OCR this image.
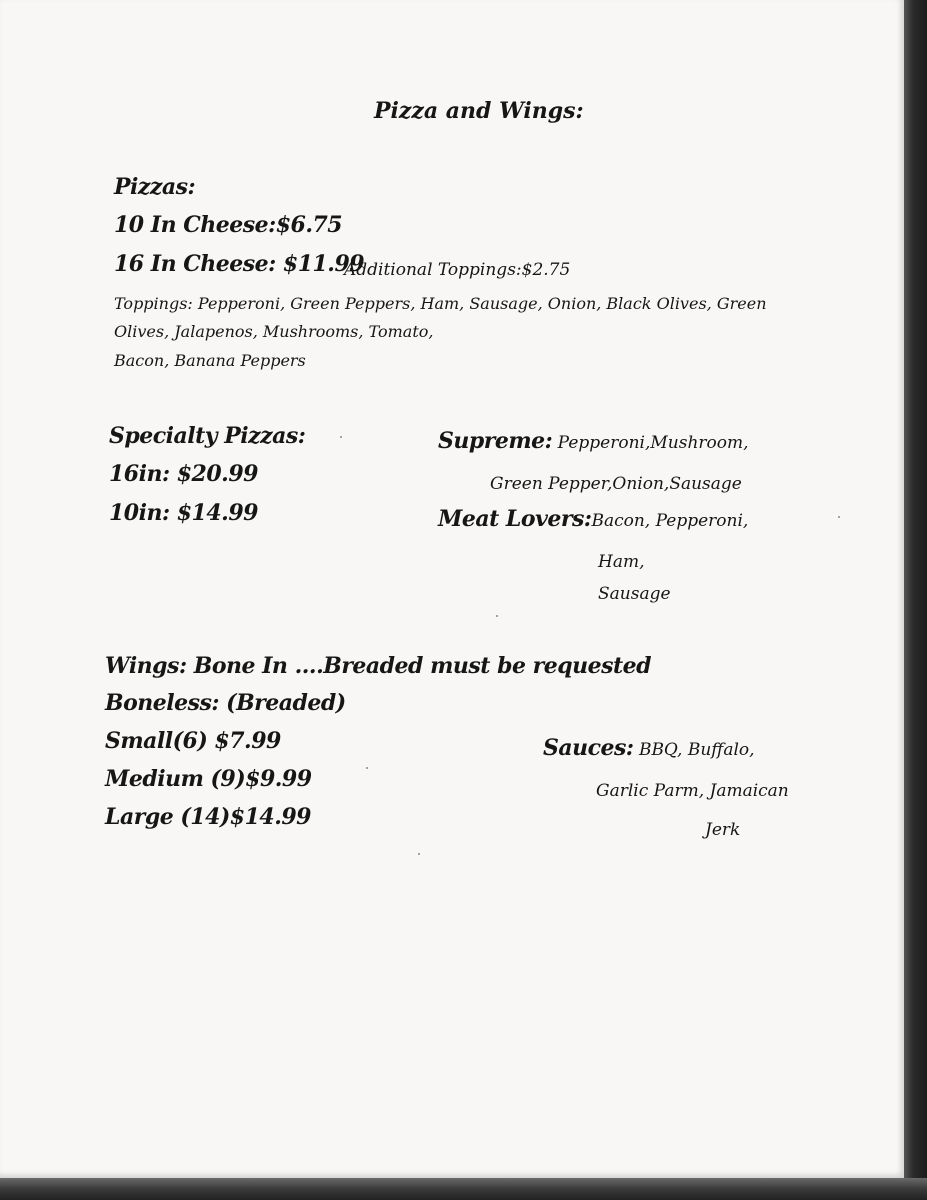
Pizza and Wings:
Pizzas:
10 In Cheese:$6.75
16 In Cheese: $11.99
Additional Toppings:$2.75
Toppings: Pepperoni, Green Peppers, Ham, Sausage, Onion, Black Olives, Green
Olives, Jalapenos, Mushrooms, Tomato,
Bacon, Banana Peppers
Specialty Pizzas:
16in: $20.99
10in: $14.99
Supreme: Pepperoni,Mushroom,
Green Pepper,Onion,Sausage
Meat Lovers:Bacon, Pepperoni,
Ham,
Sausage
Wings: Bone In ....Breaded must be requested
Boneless: (Breaded)
Small(6) $7.99
Medium (9)$9.99
Large (14)$14.99
Sauces: BBQ, Buffalo,
Garlic Parm, Jamaican
Jerk
